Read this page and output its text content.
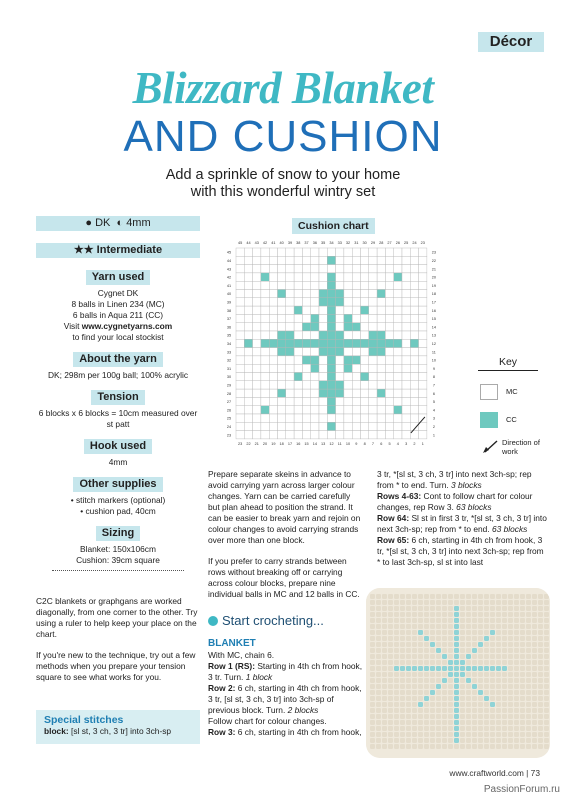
Décor
Blizzard Blanket
AND CUSHION
Add a sprinkle of snow to your home
with this wonderful wintry set
● DK ◐ 4mm
★★ Intermediate
Yarn used
Cygnet DK
8 balls in Linen 234 (MC)
6 balls in Aqua 211 (CC)
Visit www.cygnetyarns.com
to find your local stockist
About the yarn
DK; 298m per 100g ball; 100% acrylic
Tension
6 blocks x 6 blocks = 10cm measured over st patt
Hook used
4mm
Other supplies
• stitch markers (optional)
• cushion pad, 40cm
Sizing
Blanket: 150x106cm
Cushion: 39cm square

C2C blankets or graphgans are worked diagonally, from one corner to the other. Try using a ruler to help keep your place on the chart.

If you're new to the technique, try out a few methods when you prepare your tension square to see what works for you.

Special stitches
block: [sl st, 3 ch, 3 tr] into 3ch-sp
Cushion chart
45 44 43 42 41 40 39 38 37 36 35 34 33 32 31 30 29 28 27 26 25 24 23
23 22 21 20 19 18 17 16 15 14 13 12 11 10 9 8 7 6 5 4 3 2 1
45
44
43
42
41
40
39
38
37
36
35
34
33
32
31
30
29
28
27
26
25
24
23
23
22
21
20
19
18
17
16
15
14
13
12
11
10
9
8
7
6
5
4
3
2
1
Key
MC
CC
Direction of work

Prepare separate skeins in advance to avoid carrying yarn across larger colour changes. Yarn can be carried carefully but plan ahead to position the strand. It can be easier to break yarn and rejoin on colour changes to avoid carrying strands over more than one block.

If you prefer to carry strands between rows without breaking off or carrying across colour blocks, prepare nine individual balls in MC and 12 balls in CC.

Start crocheting...
BLANKET
With MC, chain 6.
Row 1 (RS): Starting in 4th ch from hook, 3 tr. Turn. 1 block
Row 2: 6 ch, starting in 4th ch from hook, 3 tr, [sl st, 3 ch, 3 tr] into 3ch-sp of previous block. Turn. 2 blocks
Follow chart for colour changes.
Row 3: 6 ch, starting in 4th ch from hook,
3 tr, *[sl st, 3 ch, 3 tr] into next 3ch-sp; rep from * to end. Turn. 3 blocks
Rows 4-63: Cont to follow chart for colour changes, rep Row 3. 63 blocks
Row 64: Sl st in first 3 tr, *[sl st, 3 ch, 3 tr] into next 3ch-sp; rep from * to end. 63 blocks
Row 65: 6 ch, starting in 4th ch from hook, 3 tr, *[sl st, 3 ch, 3 tr] into next 3ch-sp; rep from * to last 3ch-sp, sl st into last
www.craftworld.com | 73
PassionForum.ru
